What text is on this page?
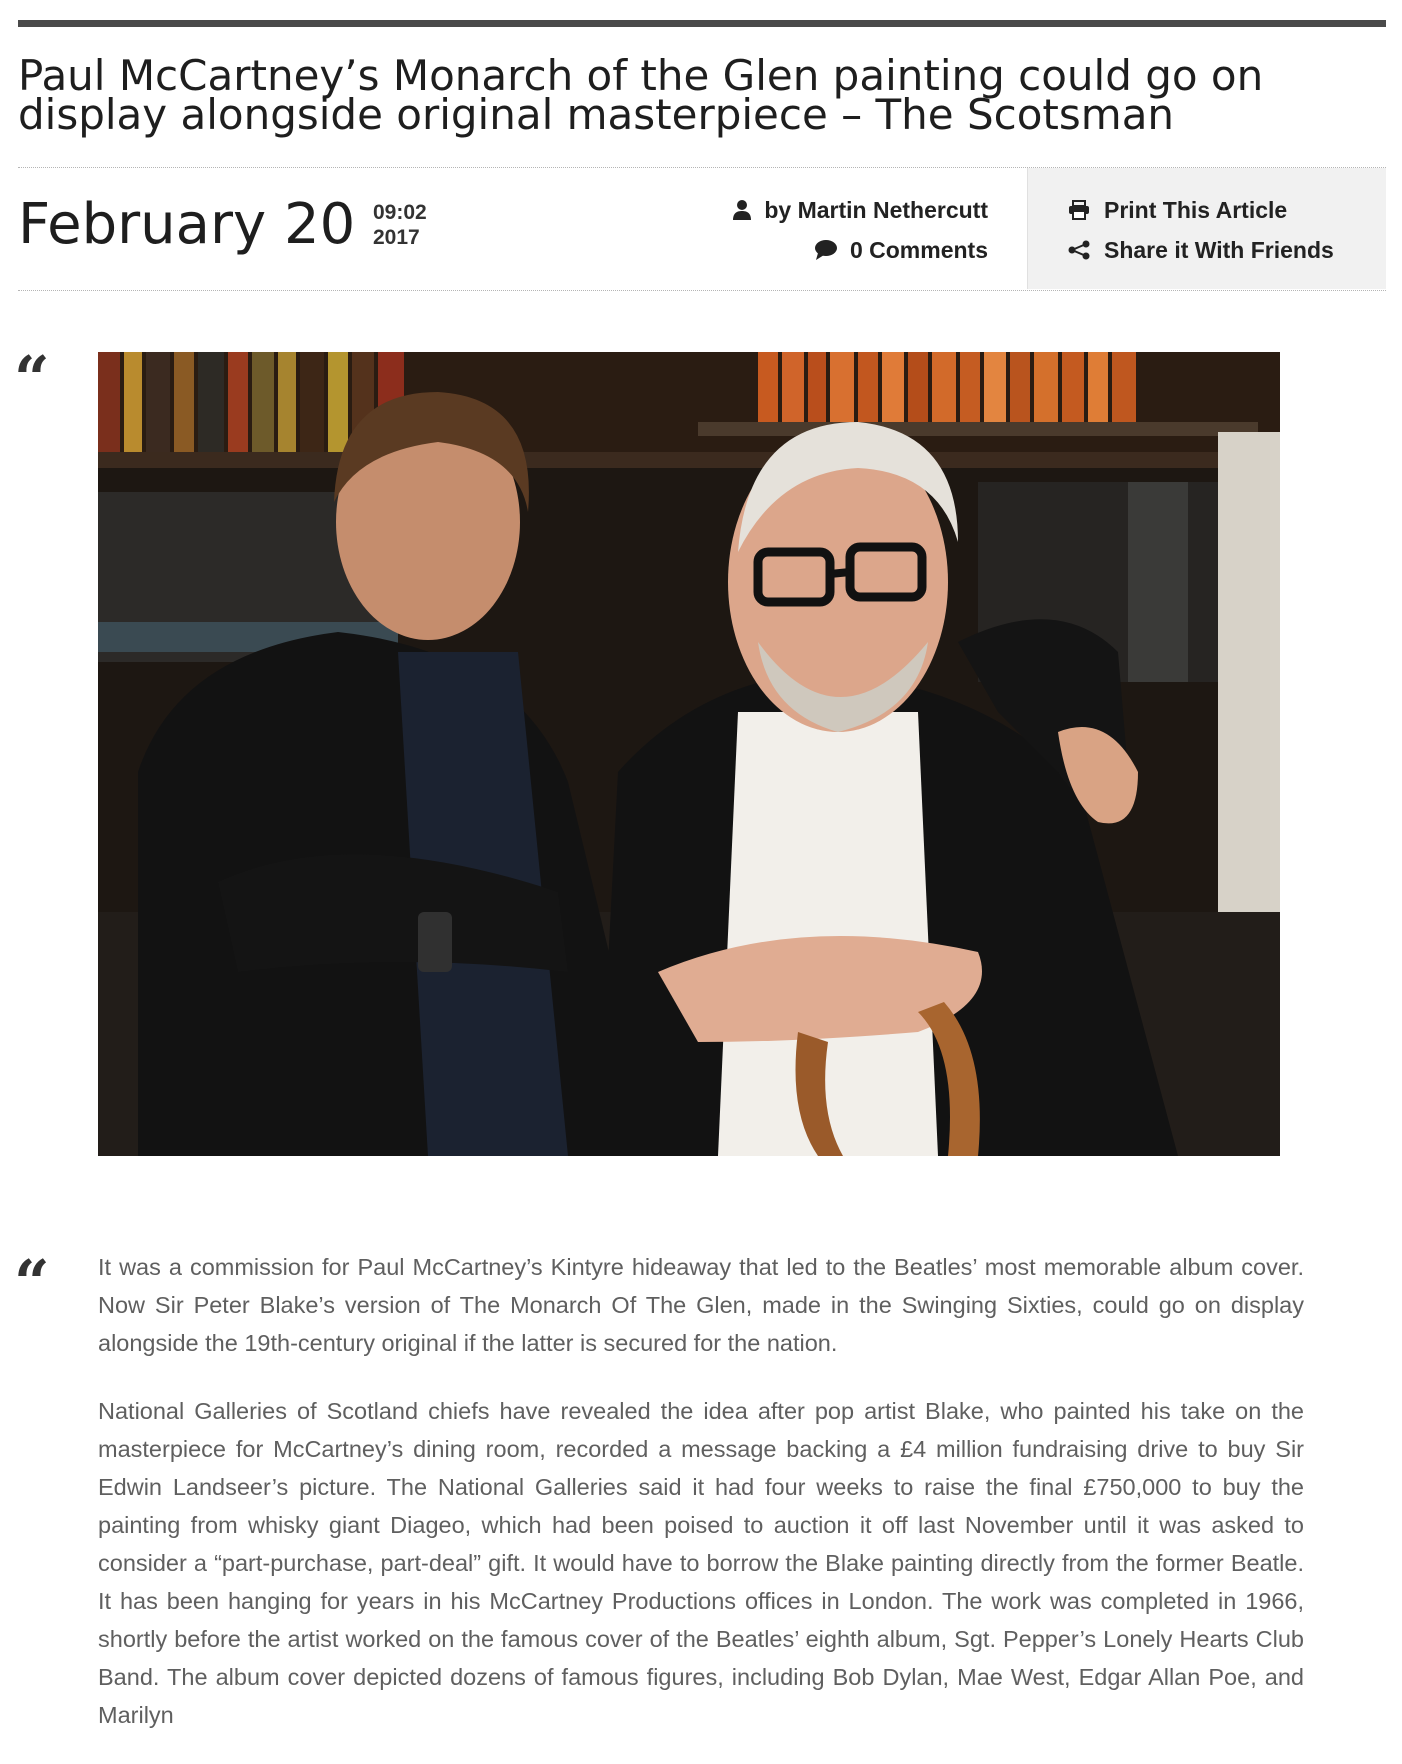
Paul McCartney’s Monarch of the Glen painting could go on display alongside original masterpiece – The Scotsman
February 20 09:02
2017
by Martin Nethercutt
0 Comments
Print This Article
Share it With Friends
“
“ It was a commission for Paul McCartney’s Kintyre hideaway that led to the Beatles’ most memorable album cover. Now Sir Peter Blake’s version of The Monarch Of The Glen, made in the Swinging Sixties, could go on display alongside the 19th-century original if the latter is secured for the nation.

National Galleries of Scotland chiefs have revealed the idea after pop artist Blake, who painted his take on the masterpiece for McCartney’s dining room, recorded a message backing a £4 million fundraising drive to buy Sir Edwin Landseer’s picture. The National Galleries said it had four weeks to raise the final £750,000 to buy the painting from whisky giant Diageo, which had been poised to auction it off last November until it was asked to consider a “part-purchase, part-deal” gift. It would have to borrow the Blake painting directly from the former Beatle. It has been hanging for years in his McCartney Productions offices in London. The work was completed in 1966, shortly before the artist worked on the famous cover of the Beatles’ eighth album, Sgt. Pepper’s Lonely Hearts Club Band. The album cover depicted dozens of famous figures, including Bob Dylan, Mae West, Edgar Allan Poe, and Marilyn
